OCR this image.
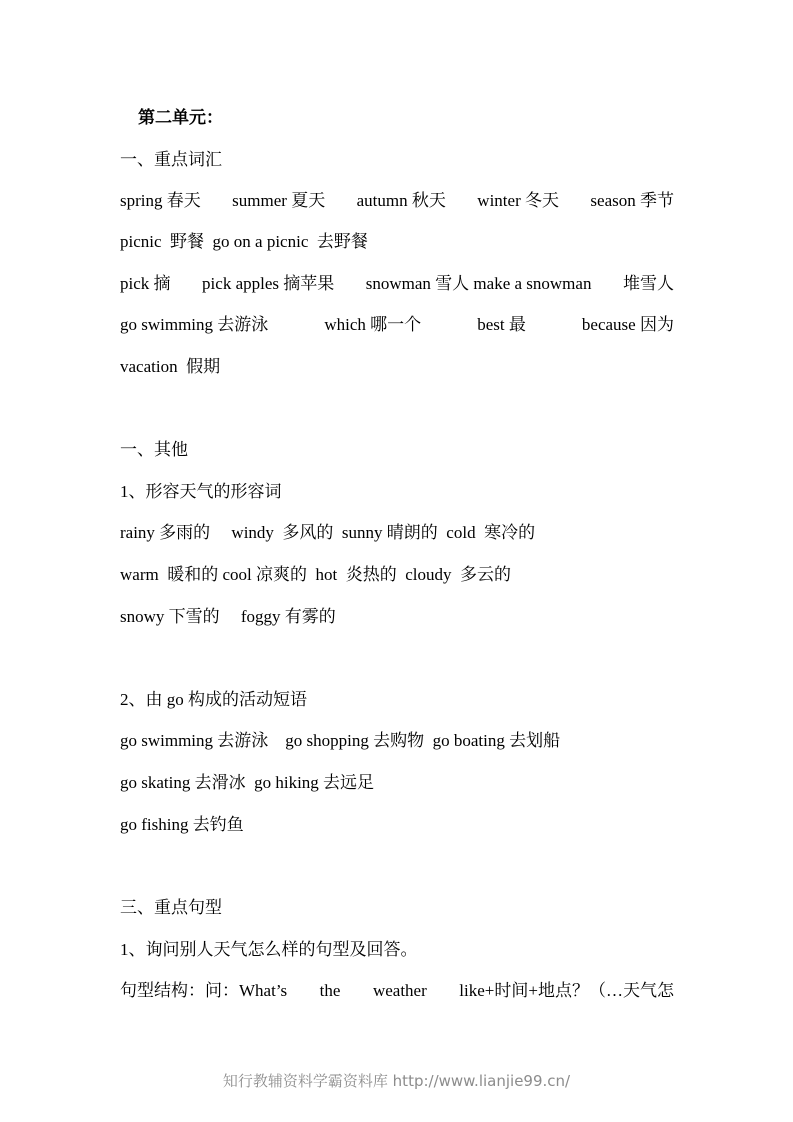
第二单元：
一、重点词汇
spring 春天 summer 夏天 autumn 秋天 winter 冬天 season 季节
picnic  野餐  go on a picnic  去野餐
pick 摘 pick apples 摘苹果 snowman 雪人 make a snowman 堆雪人
go swimming 去游泳	which 哪一个	best 最	because 因为
vacation  假期
一、其他
1、形容天气的形容词
rainy 多雨的     windy  多风的  sunny 晴朗的  cold  寒冷的
warm  暖和的 cool 凉爽的  hot  炎热的  cloudy  多云的
snowy 下雪的     foggy 有雾的
2、由 go 构成的活动短语
go swimming 去游泳    go shopping 去购物  go boating 去划船
go skating 去滑冰  go hiking 去远足
go fishing 去钓鱼
三、重点句型
1、询问别人天气怎么样的句型及回答。
句型结构：问：What’s the weather like+时间+地点？（…天气怎
知行教辅资料学霸资料库 http://www.lianjie99.cn/
